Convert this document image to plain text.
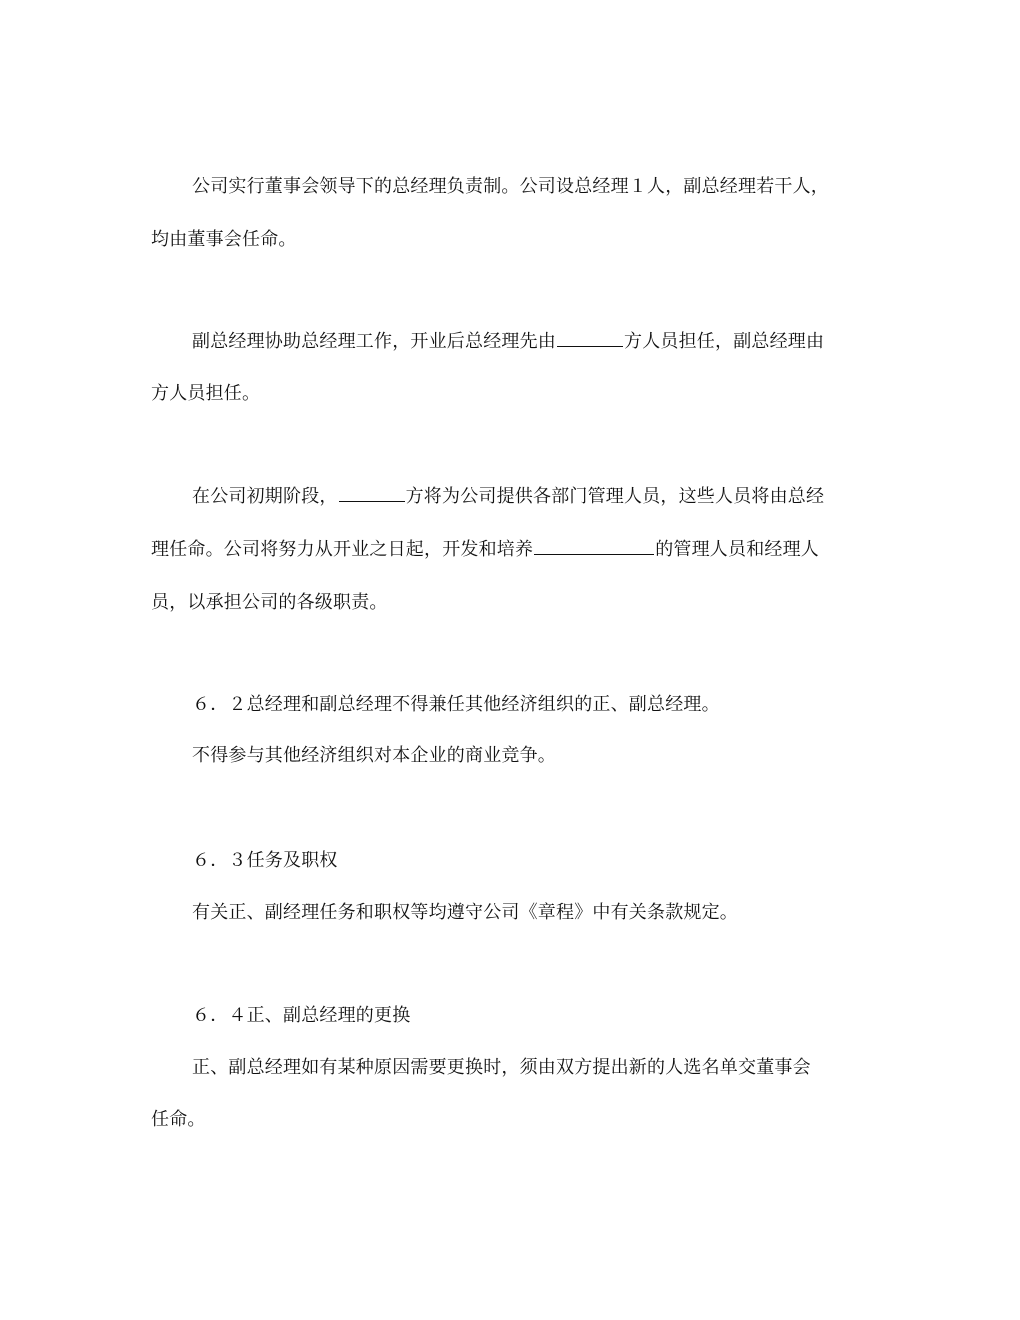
公司实行董事会领导下的总经理负责制。公司设总经理１人，副总经理若干人，
均由董事会任命。
副总经理协助总经理工作，开业后总经理先由	方人员担任，副总经理由
方人员担任。
在公司初期阶段，	方将为公司提供各部门管理人员，这些人员将由总经
理任命。公司将努力从开业之日起，开发和培养	的管理人员和经理人
员，以承担公司的各级职责。
６．２总经理和副总经理不得兼任其他经济组织的正、副总经理。
不得参与其他经济组织对本企业的商业竞争。
６．３任务及职权
有关正、副经理任务和职权等均遵守公司《章程》中有关条款规定。
６．４正、副总经理的更换
正、副总经理如有某种原因需要更换时，须由双方提出新的人选名单交董事会
任命。
